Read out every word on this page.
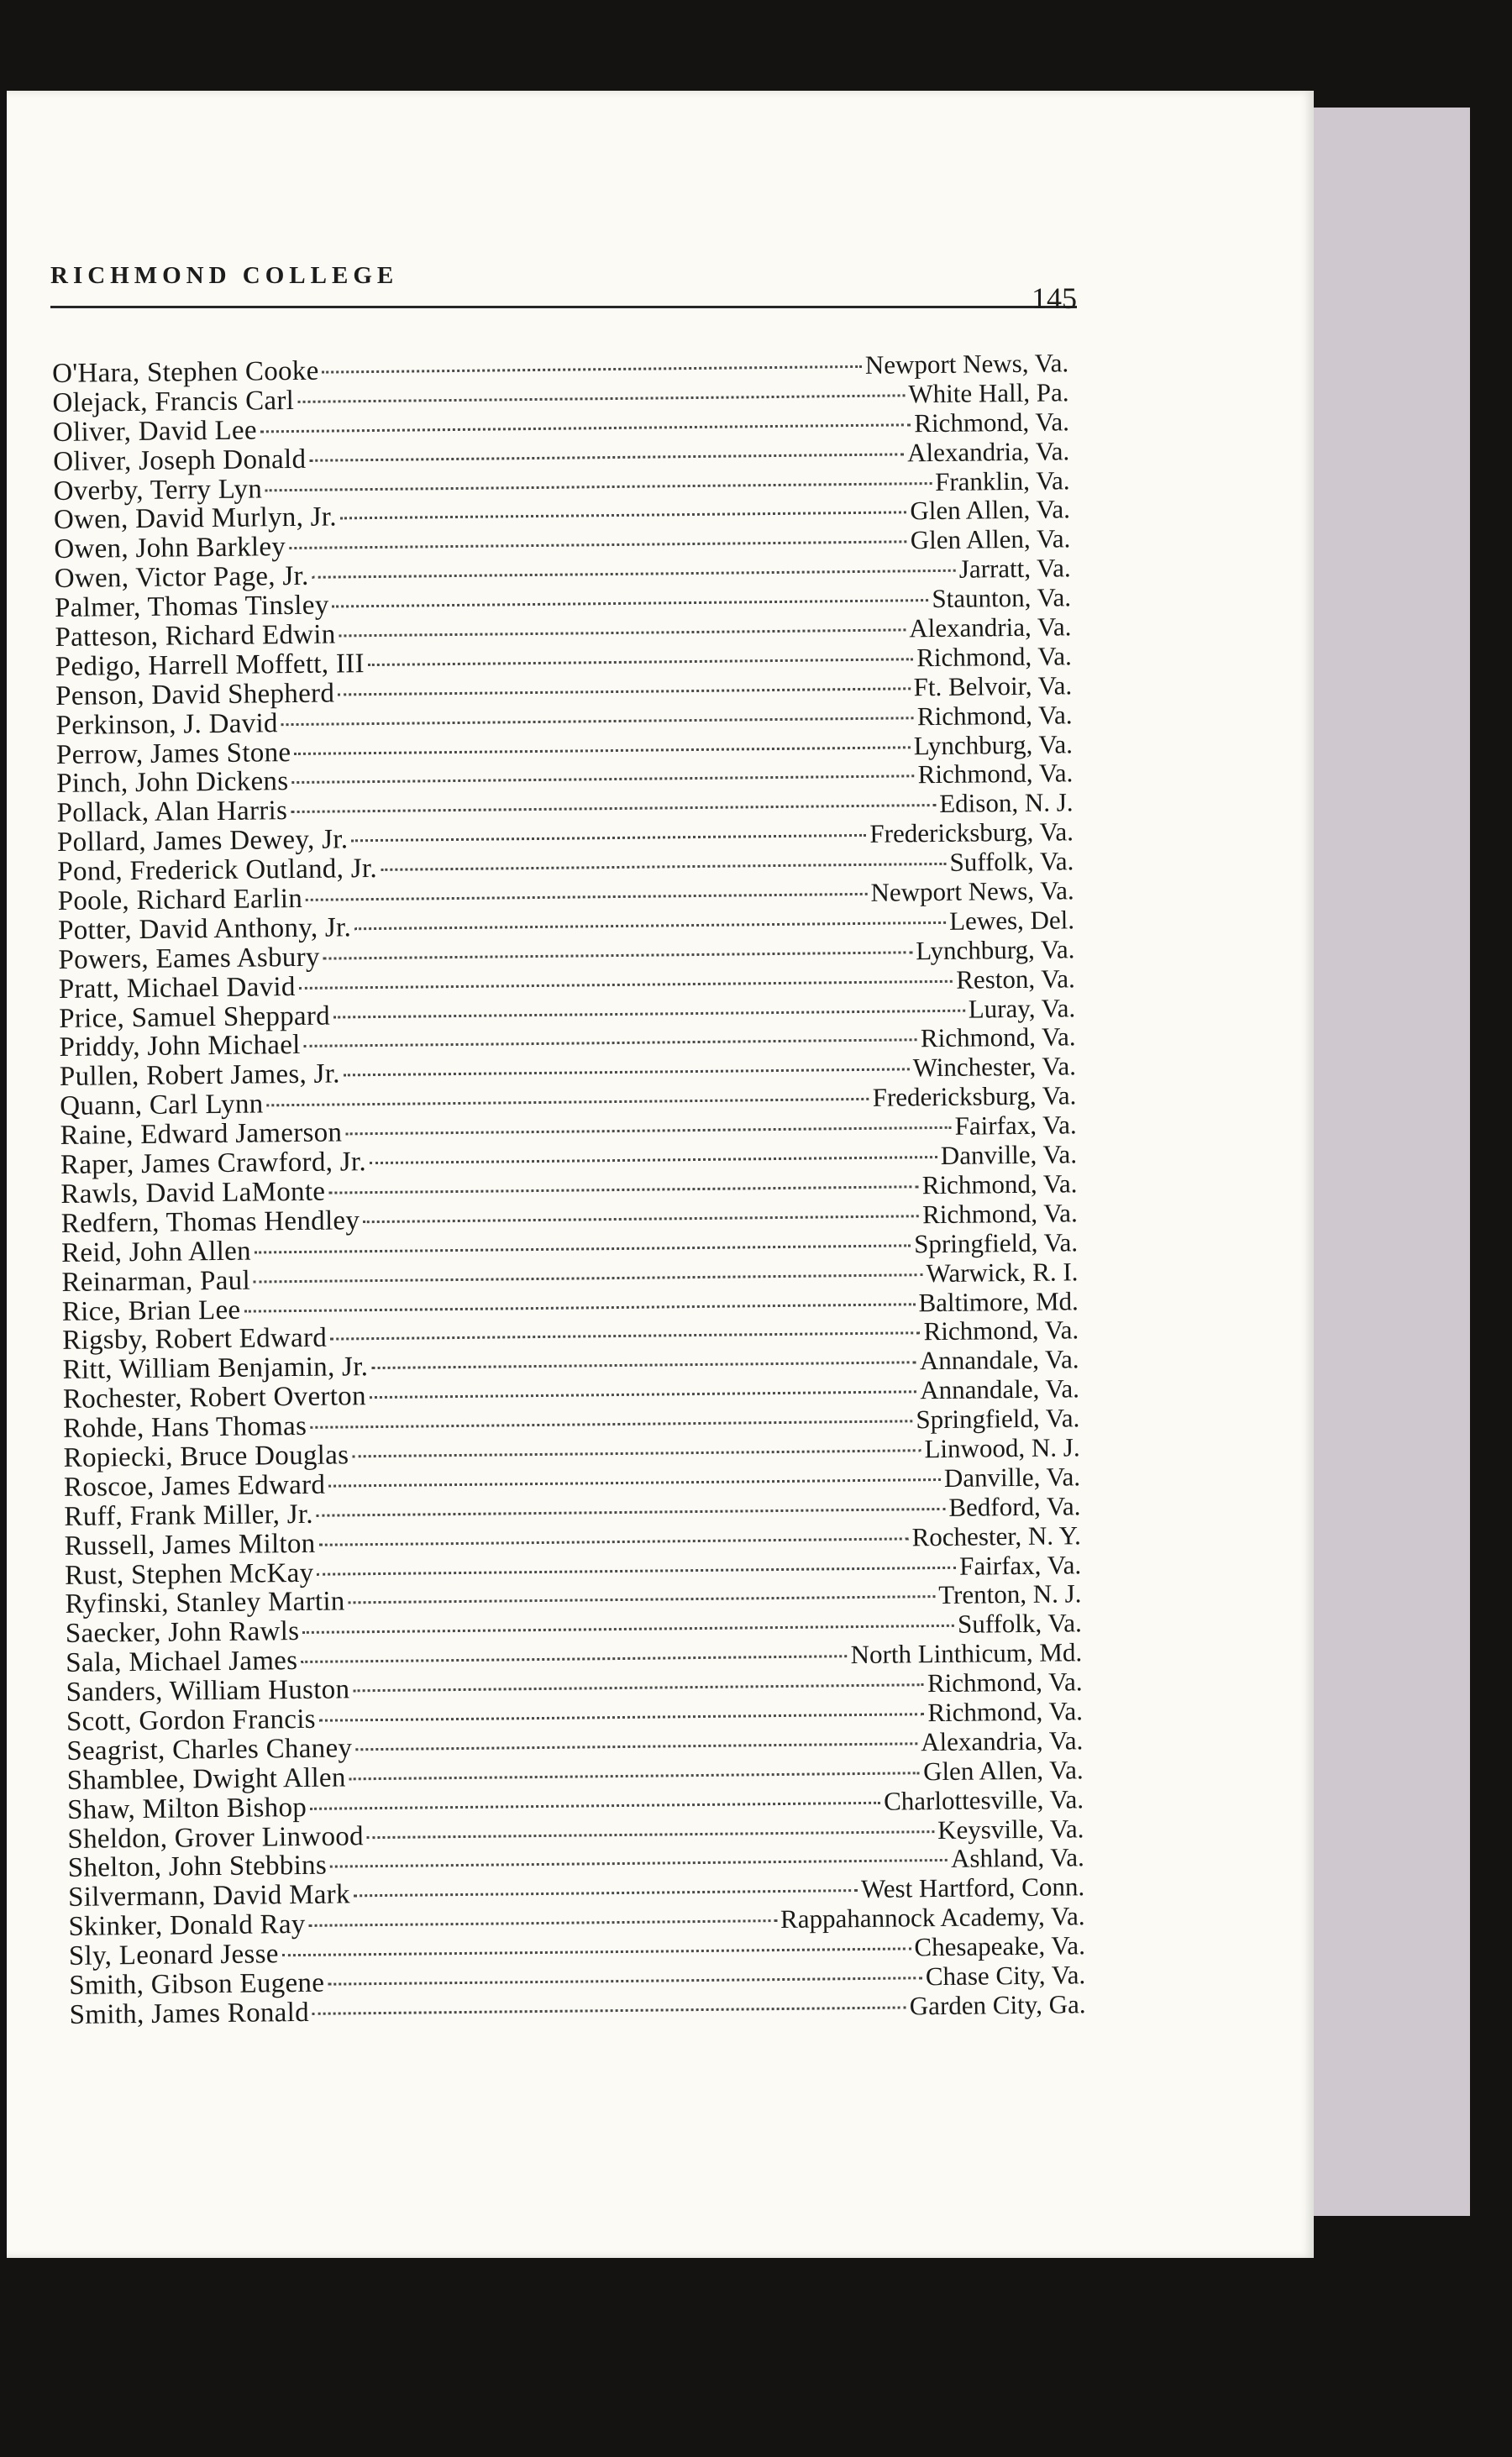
RICHMOND COLLEGE
145
O'Hara, Stephen Cooke	Newport News, Va.
Olejack, Francis Carl	White Hall, Pa.
Oliver, David Lee	Richmond, Va.
Oliver, Joseph Donald	Alexandria, Va.
Overby, Terry Lyn	Franklin, Va.
Owen, David Murlyn, Jr.	Glen Allen, Va.
Owen, John Barkley	Glen Allen, Va.
Owen, Victor Page, Jr.	Jarratt, Va.
Palmer, Thomas Tinsley	Staunton, Va.
Patteson, Richard Edwin	Alexandria, Va.
Pedigo, Harrell Moffett, III	Richmond, Va.
Penson, David Shepherd	Ft. Belvoir, Va.
Perkinson, J. David	Richmond, Va.
Perrow, James Stone	Lynchburg, Va.
Pinch, John Dickens	Richmond, Va.
Pollack, Alan Harris	Edison, N. J.
Pollard, James Dewey, Jr.	Fredericksburg, Va.
Pond, Frederick Outland, Jr.	Suffolk, Va.
Poole, Richard Earlin	Newport News, Va.
Potter, David Anthony, Jr.	Lewes, Del.
Powers, Eames Asbury	Lynchburg, Va.
Pratt, Michael David	Reston, Va.
Price, Samuel Sheppard	Luray, Va.
Priddy, John Michael	Richmond, Va.
Pullen, Robert James, Jr.	Winchester, Va.
Quann, Carl Lynn	Fredericksburg, Va.
Raine, Edward Jamerson	Fairfax, Va.
Raper, James Crawford, Jr.	Danville, Va.
Rawls, David LaMonte	Richmond, Va.
Redfern, Thomas Hendley	Richmond, Va.
Reid, John Allen	Springfield, Va.
Reinarman, Paul	Warwick, R. I.
Rice, Brian Lee	Baltimore, Md.
Rigsby, Robert Edward	Richmond, Va.
Ritt, William Benjamin, Jr.	Annandale, Va.
Rochester, Robert Overton	Annandale, Va.
Rohde, Hans Thomas	Springfield, Va.
Ropiecki, Bruce Douglas	Linwood, N. J.
Roscoe, James Edward	Danville, Va.
Ruff, Frank Miller, Jr.	Bedford, Va.
Russell, James Milton	Rochester, N. Y.
Rust, Stephen McKay	Fairfax, Va.
Ryfinski, Stanley Martin	Trenton, N. J.
Saecker, John Rawls	Suffolk, Va.
Sala, Michael James	North Linthicum, Md.
Sanders, William Huston	Richmond, Va.
Scott, Gordon Francis	Richmond, Va.
Seagrist, Charles Chaney	Alexandria, Va.
Shamblee, Dwight Allen	Glen Allen, Va.
Shaw, Milton Bishop	Charlottesville, Va.
Sheldon, Grover Linwood	Keysville, Va.
Shelton, John Stebbins	Ashland, Va.
Silvermann, David Mark	West Hartford, Conn.
Skinker, Donald Ray	Rappahannock Academy, Va.
Sly, Leonard Jesse	Chesapeake, Va.
Smith, Gibson Eugene	Chase City, Va.
Smith, James Ronald	Garden City, Ga.
